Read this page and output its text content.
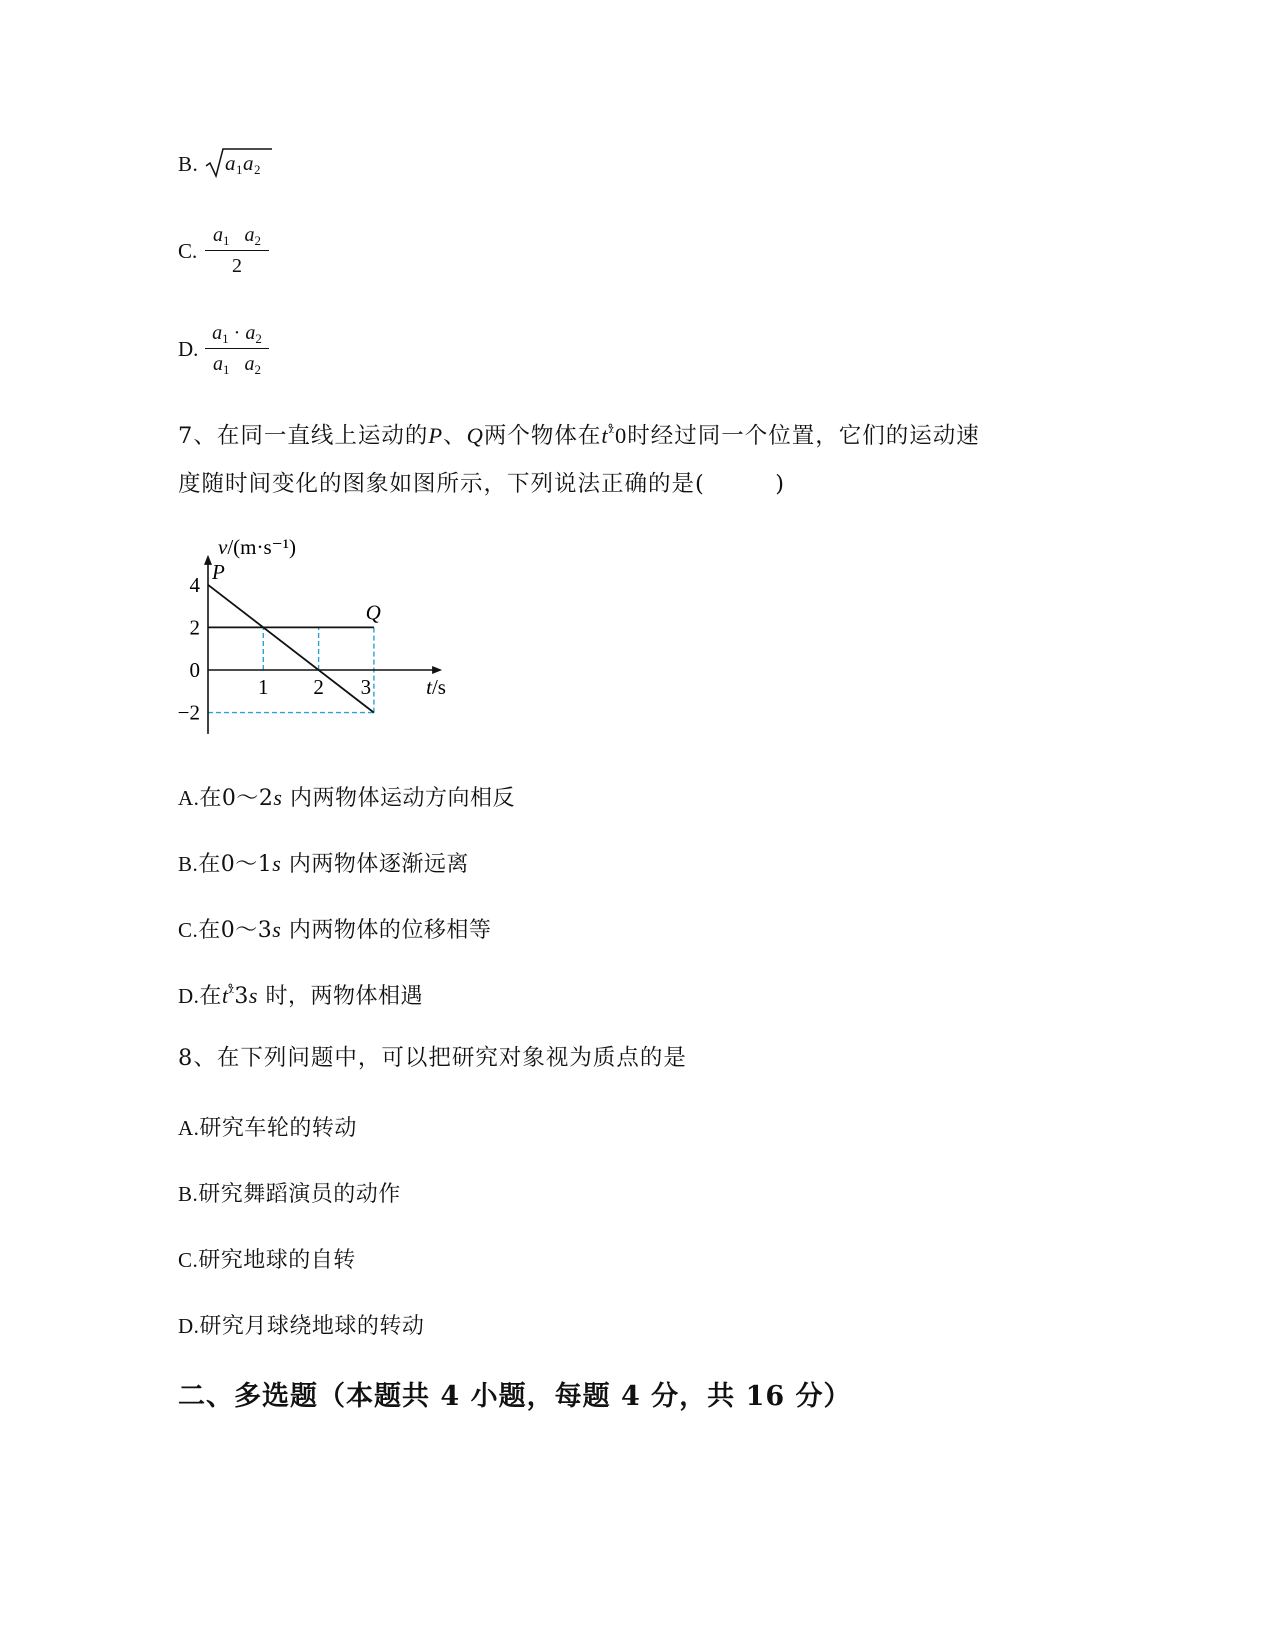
B. $a_1a_2$
C.
$a_1$ $a_2$
2
D.
$a_1 \cdot a_2$
$a_1$ $a_2$
7、在同一直线上运动的P、Q两个物体在$t^{ᵡ̊}0$时经过同一个位置，它们的运动速
度随时间变化的图象如图所示，下列说法正确的是(　　　)
P
Q
4
2
0
−2
1 2 3	t/s
v/(m·s⁻¹)
A.在0～2s 内两物体运动方向相反
B.在0～1s 内两物体逐渐远离
C.在0～3s 内两物体的位移相等
D.在$t^{ᵡ̊}3s$ 时，两物体相遇
8、在下列问题中，可以把研究对象视为质点的是
A.研究车轮的转动
B.研究舞蹈演员的动作
C.研究地球的自转
D.研究月球绕地球的转动
二、多选题（本题共 4 小题，每题 4 分，共 16 分）
